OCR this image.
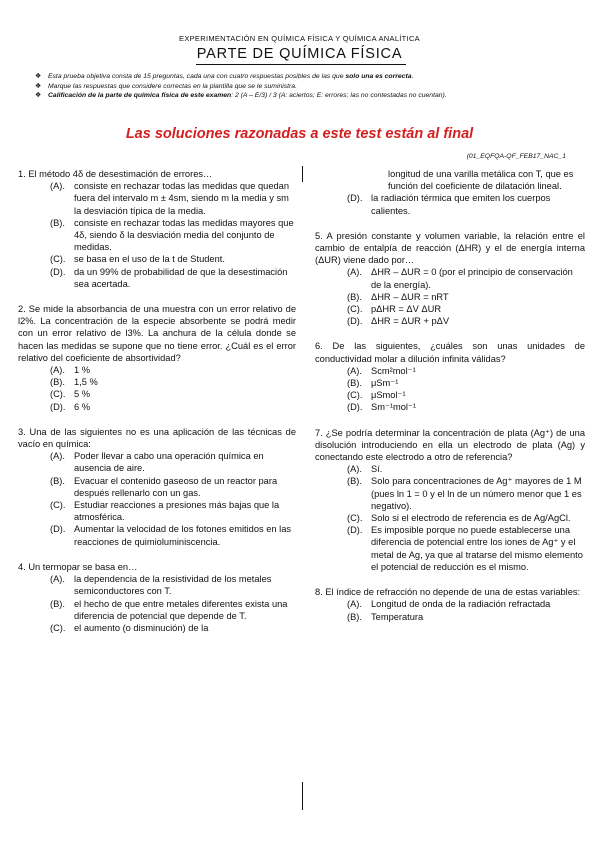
EXPERIMENTACIÓN EN QUÍMICA FÍSICA Y QUÍMICA ANALÍTICA
PARTE DE QUÍMICA FÍSICA
❖ Esta prueba objetiva consta de 15 preguntas, cada una con cuatro respuestas posibles de las que solo una es correcta.
❖ Marque las respuestas que considere correctas en la plantilla que se le suministra.
❖ Calificación de la parte de química física de este examen: 2 (A – E/3) / 3 (A: aciertos; E: errores; las no contestadas no cuentan).
Las soluciones razonadas a este test están al final
(01_EQFQA-QF_FEB17_NAC_1
1. El método 4δ de desestimación de errores…
(A). consiste en rechazar todas las medidas que quedan fuera del intervalo m ± 4sm, siendo m la media y sm la desviación típica de la media.
(B). consiste en rechazar todas las medidas mayores que 4δ, siendo δ la desviación media del conjunto de medidas.
(C). se basa en el uso de la t de Student.
(D). da un 99% de probabilidad de que la desestimación sea acertada.
2. Se mide la absorbancia de una muestra con un error relativo de l2%. La concentración de la especie absorbente se podrá medir con un error relativo de l3%. La anchura de la célula donde se hacen las medidas se supone que no tiene error. ¿Cuál es el error relativo del coeficiente de absortividad?
(A). 1 %
(B). 1,5 %
(C). 5 %
(D). 6 %
3. Una de las siguientes no es una aplicación de las técnicas de vacío en química:
(A). Poder llevar a cabo una operación química en ausencia de aire.
(B). Evacuar el contenido gaseoso de un reactor para después rellenarlo con un gas.
(C). Estudiar reacciones a presiones más bajas que la atmosférica.
(D). Aumentar la velocidad de los fotones emitidos en las reacciones de quimioluminiscencia.
4. Un termopar se basa en…
(A). la dependencia de la resistividad de los metales semiconductores con T.
(B). el hecho de que entre metales diferentes exista una diferencia de potencial que depende de T.
(C). el aumento (o disminución) de la
longitud de una varilla metálica con T, que es función del coeficiente de dilatación lineal.
(D). la radiación térmica que emiten los cuerpos calientes.
5. A presión constante y volumen variable, la relación entre el cambio de entalpía de reacción (ΔHR) y el de energía interna (ΔUR) viene dado por…
(A). ΔHR – ΔUR = 0 (por el principio de conservación de la energía).
(B). ΔHR – ΔUR = nRT
(C). pΔHR = ΔV ΔUR
(D). ΔHR = ΔUR + pΔV
6. De las siguientes, ¿cuáles son unas unidades de conductividad molar a dilución infinita válidas?
(A). Scm²mol⁻¹
(B). μSm⁻¹
(C). μSmol⁻¹
(D). Sm⁻¹mol⁻¹
7. ¿Se podría determinar la concentración de plata (Ag⁺) de una disolución introduciendo en ella un electrodo de plata (Ag) y conectando este electrodo a otro de referencia?
(A). Sí.
(B). Solo para concentraciones de Ag⁺ mayores de 1 M (pues ln 1 = 0 y el ln de un número menor que 1 es negativo).
(C). Solo si el electrodo de referencia es de Ag/AgCl.
(D). Es imposible porque no puede establecerse una diferencia de potencial entre los iones de Ag⁺ y el metal de Ag, ya que al tratarse del mismo elemento el potencial de reducción es el mismo.
8. El índice de refracción no depende de una de estas variables:
(A). Longitud de onda de la radiación refractada
(B). Temperatura
